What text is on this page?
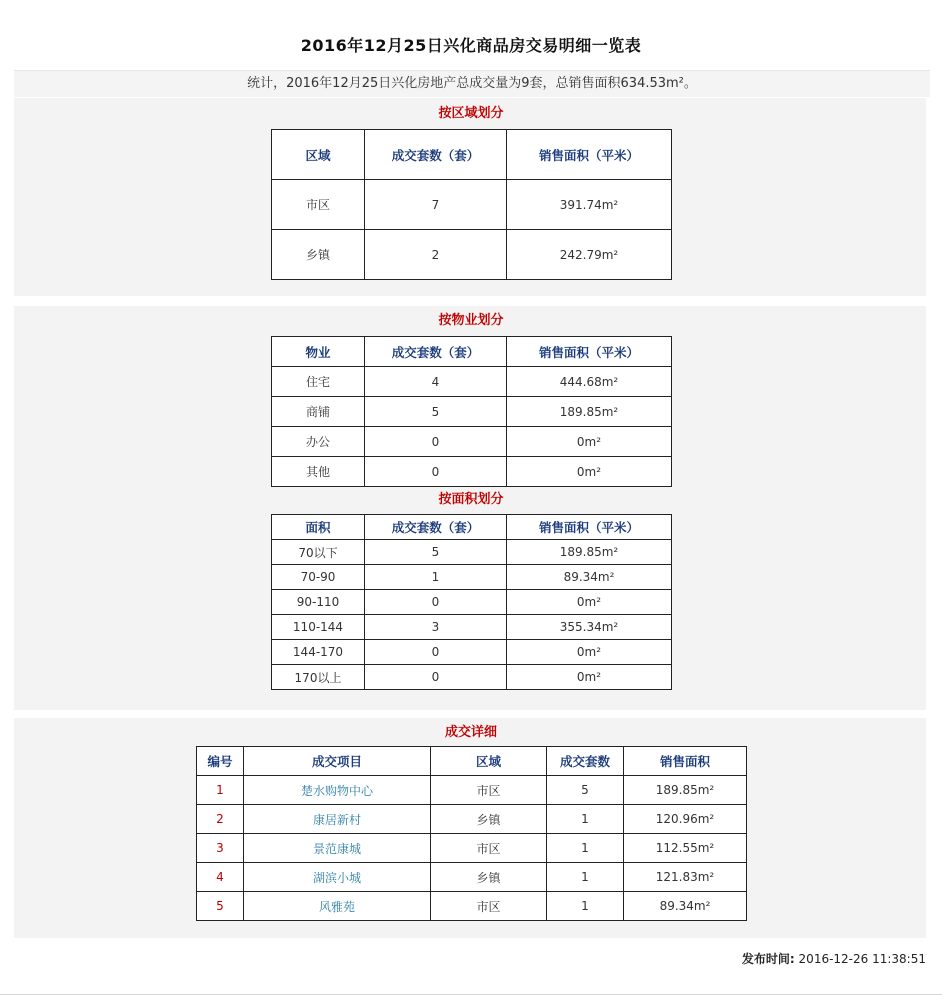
2016年12月25日兴化商品房交易明细一览表
统计，2016年12月25日兴化房地产总成交量为9套，总销售面积634.53m²。
按区域划分
区域	成交套数（套）	销售面积（平米）
市区	7	391.74m²
乡镇	2	242.79m²
按物业划分
物业	成交套数（套）	销售面积（平米）
住宅	4	444.68m²
商铺	5	189.85m²
办公	0	0m²
其他	0	0m²
按面积划分
面积	成交套数（套）	销售面积（平米）
70以下	5	189.85m²
70-90	1	89.34m²
90-110	0	0m²
110-144	3	355.34m²
144-170	0	0m²
170以上	0	0m²
成交详细
编号	成交项目	区域	成交套数	销售面积
1	楚水购物中心	市区	5	189.85m²
2	康居新村	乡镇	1	120.96m²
3	景范康城	市区	1	112.55m²
4	湖滨小城	乡镇	1	121.83m²
5	风雅苑	市区	1	89.34m²
发布时间: 2016-12-26 11:38:51
